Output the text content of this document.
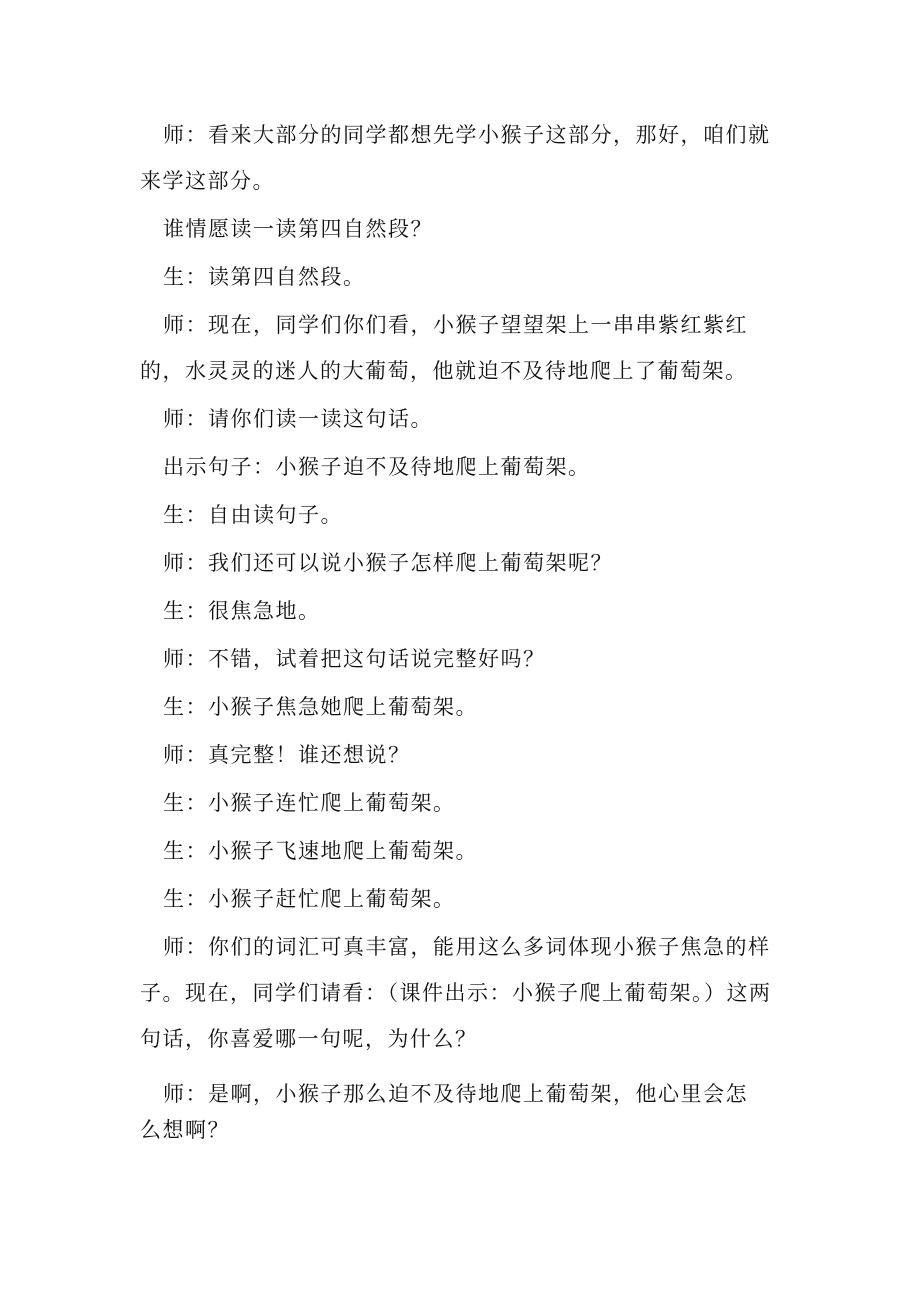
师：看来大部分的同学都想先学小猴子这部分，那好，咱们就来学这部分。

谁情愿读一读第四自然段？

生：读第四自然段。

师：现在，同学们你们看，小猴子望望架上一串串紫红紫红的，水灵灵的迷人的大葡萄，他就迫不及待地爬上了葡萄架。

师：请你们读一读这句话。

出示句子：小猴子迫不及待地爬上葡萄架。

生：自由读句子。

师：我们还可以说小猴子怎样爬上葡萄架呢？

生：很焦急地。

师：不错，试着把这句话说完整好吗？

生：小猴子焦急她爬上葡萄架。

师：真完整！谁还想说？

生：小猴子连忙爬上葡萄架。

生：小猴子飞速地爬上葡萄架。

生：小猴子赶忙爬上葡萄架。

师：你们的词汇可真丰富，能用这么多词体现小猴子焦急的样子。现在，同学们请看：（课件出示：小猴子爬上葡萄架。）这两句话，你喜爱哪一句呢，为什么？

师：是啊，小猴子那么迫不及待地爬上葡萄架，他心里会怎么想啊？
